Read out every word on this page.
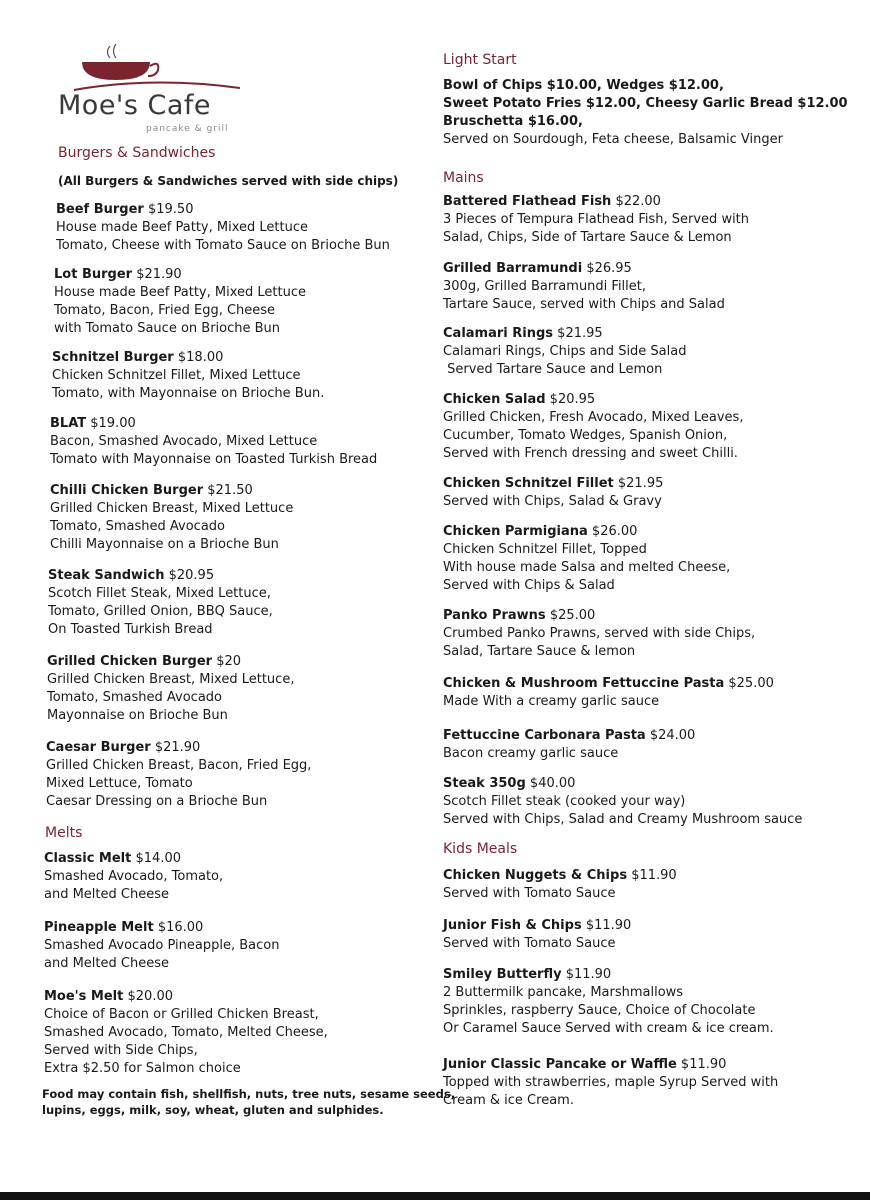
Moe's Cafe
pancake & grill
Burgers & Sandwiches
(All Burgers & Sandwiches served with side chips)
Beef Burger $19.50
House made Beef Patty, Mixed Lettuce
Tomato, Cheese with Tomato Sauce on Brioche Bun
Lot Burger $21.90
House made Beef Patty, Mixed Lettuce
Tomato, Bacon, Fried Egg, Cheese
with Tomato Sauce on Brioche Bun
Schnitzel Burger $18.00
Chicken Schnitzel Fillet, Mixed Lettuce
Tomato, with Mayonnaise on Brioche Bun.
BLAT $19.00
Bacon, Smashed Avocado, Mixed Lettuce
Tomato with Mayonnaise on Toasted Turkish Bread
Chilli Chicken Burger $21.50
Grilled Chicken Breast, Mixed Lettuce
Tomato, Smashed Avocado
Chilli Mayonnaise on a Brioche Bun
Steak Sandwich $20.95
Scotch Fillet Steak, Mixed Lettuce,
Tomato, Grilled Onion, BBQ Sauce,
On Toasted Turkish Bread
Grilled Chicken Burger $20
Grilled Chicken Breast, Mixed Lettuce,
Tomato, Smashed Avocado
Mayonnaise on Brioche Bun
Caesar Burger $21.90
Grilled Chicken Breast, Bacon, Fried Egg,
Mixed Lettuce, Tomato
Caesar Dressing on a Brioche Bun
Melts
Classic Melt $14.00
Smashed Avocado, Tomato,
and Melted Cheese
Pineapple Melt $16.00
Smashed Avocado Pineapple, Bacon
and Melted Cheese
Moe's Melt $20.00
Choice of Bacon or Grilled Chicken Breast,
Smashed Avocado, Tomato, Melted Cheese,
Served with Side Chips,
Extra $2.50 for Salmon choice
Food may contain fish, shellfish, nuts, tree nuts, sesame seeds,
lupins, eggs, milk, soy, wheat, gluten and sulphides.
Light Start
Bowl of Chips $10.00, Wedges $12.00,
Sweet Potato Fries $12.00, Cheesy Garlic Bread $12.00
Bruschetta $16.00,
Served on Sourdough, Feta cheese, Balsamic Vinger
Mains
Battered Flathead Fish $22.00
3 Pieces of Tempura Flathead Fish, Served with
Salad, Chips, Side of Tartare Sauce & Lemon
Grilled Barramundi $26.95
300g, Grilled Barramundi Fillet,
Tartare Sauce, served with Chips and Salad
Calamari Rings $21.95
Calamari Rings, Chips and Side Salad
Served Tartare Sauce and Lemon
Chicken Salad $20.95
Grilled Chicken, Fresh Avocado, Mixed Leaves,
Cucumber, Tomato Wedges, Spanish Onion,
Served with French dressing and sweet Chilli.
Chicken Schnitzel Fillet $21.95
Served with Chips, Salad & Gravy
Chicken Parmigiana $26.00
Chicken Schnitzel Fillet, Topped
With house made Salsa and melted Cheese,
Served with Chips & Salad
Panko Prawns $25.00
Crumbed Panko Prawns, served with side Chips,
Salad, Tartare Sauce & lemon
Chicken & Mushroom Fettuccine Pasta $25.00
Made With a creamy garlic sauce
Fettuccine Carbonara Pasta $24.00
Bacon creamy garlic sauce
Steak 350g $40.00
Scotch Fillet steak (cooked your way)
Served with Chips, Salad and Creamy Mushroom sauce
Kids Meals
Chicken Nuggets & Chips $11.90
Served with Tomato Sauce
Junior Fish & Chips $11.90
Served with Tomato Sauce
Smiley Butterfly $11.90
2 Buttermilk pancake, Marshmallows
Sprinkles, raspberry Sauce, Choice of Chocolate
Or Caramel Sauce Served with cream & ice cream.
Junior Classic Pancake or Waffle $11.90
Topped with strawberries, maple Syrup Served with
Cream & ice Cream.
